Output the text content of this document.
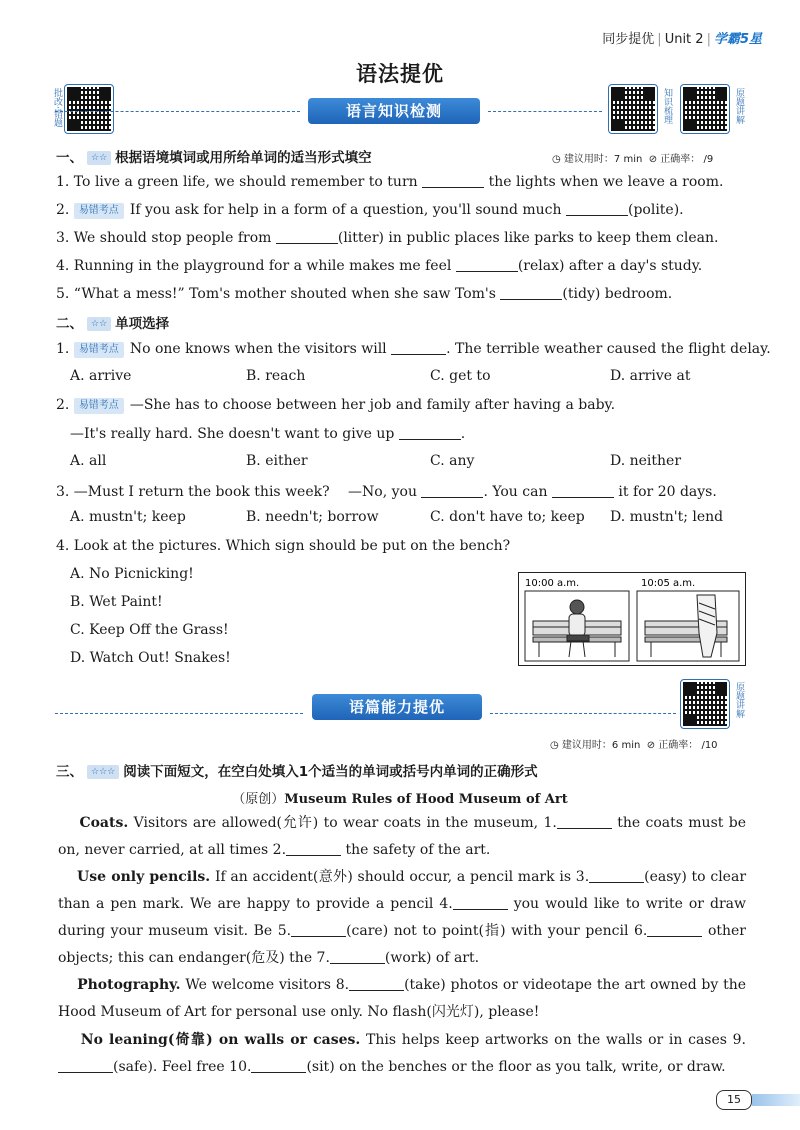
同步提优 | Unit 2 | 学霸5星
语法提优
批改·错题	知识梳理	原题讲解
语言知识检测
一、 ☆☆ 根据语境填词或用所给单词的适当形式填空	◷ 建议用时：7 min ⊘ 正确率： /9
1. To live a green life, we should remember to turn	the lights when we leave a room.
2. 易错考点 If you ask for help in a form of a question, you'll sound much	(polite).
3. We should stop people from	(litter) in public places like parks to keep them clean.
4. Running in the playground for a while makes me feel	(relax) after a day's study.
5. “What a mess!” Tom's mother shouted when she saw Tom's	(tidy) bedroom.
二、 ☆☆ 单项选择
1. 易错考点 No one knows when the visitors will	. The terrible weather caused the flight delay.
A. arrive	B. reach	C. get to	D. arrive at
2. 易错考点 —She has to choose between her job and family after having a baby.
—It's really hard. She doesn't want to give up	.
A. all	B. either	C. any	D. neither
3. —Must I return the book this week?　 —No, you	. You can	it for 20 days.
A. mustn't; keep	B. needn't; borrow	C. don't have to; keep D. mustn't; lend
4. Look at the pictures. Which sign should be put on the bench?
A. No Picnicking!
B. Wet Paint!
C. Keep Off the Grass!
D. Watch Out! Snakes!
10:00 a.m.	10:05 a.m.
语篇能力提优	原题讲解
◷ 建议用时：6 min ⊘ 正确率： /10
三、 ☆☆☆ 阅读下面短文，在空白处填入1个适当的单词或括号内单词的正确形式
（原创）Museum Rules of Hood Museum of Art
Coats. Visitors are allowed(允许) to wear coats in the museum, 1.	the coats must be on, never carried, at all times 2.	the safety of the art.
Use only pencils. If an accident(意外) should occur, a pencil mark is 3.	(easy) to clear than a pen mark. We are happy to provide a pencil 4.	you would like to write or draw during your museum visit. Be 5.	(care) not to point(指) with your pencil 6.	other objects; this can endanger(危及) the 7.	(work) of art.
Photography. We welcome visitors 8.	(take) photos or videotape the art owned by the Hood Museum of Art for personal use only. No flash(闪光灯), please!
No leaning(倚靠) on walls or cases. This helps keep artworks on the walls or in cases 9.(safe). Feel free 10.	(sit) on the benches or the floor as you talk, write, or draw.
15
